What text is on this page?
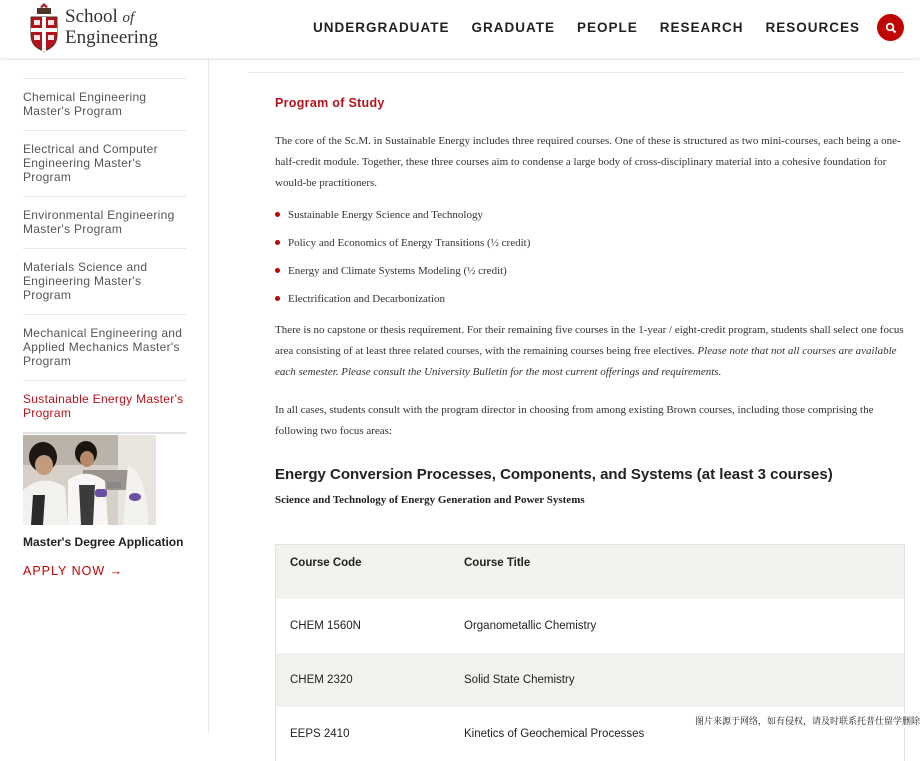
School of
Engineering	UNDERGRADUATE GRADUATE PEOPLE RESEARCH RESOURCES
Chemical Engineering Master's Program
Electrical and Computer Engineering Master's Program
Environmental Engineering Master's Program
Materials Science and Engineering Master's Program
Mechanical Engineering and Applied Mechanics Master's Program
Sustainable Energy Master's Program
Master's Degree Application
APPLY NOW →
Program of Study

The core of the Sc.M. in Sustainable Energy includes three required courses. One of these is structured as two mini-courses, each being a one-half-credit module. Together, these three courses aim to condense a large body of cross-disciplinary material into a cohesive foundation for would-be practitioners.

Sustainable Energy Science and Technology
Policy and Economics of Energy Transitions (½ credit)
Energy and Climate Systems Modeling (½ credit)
Electrification and Decarbonization

There is no capstone or thesis requirement. For their remaining five courses in the 1-year / eight-credit program, students shall select one focus area consisting of at least three related courses, with the remaining courses being free electives. Please note that not all courses are available each semester. Please consult the University Bulletin for the most current offerings and requirements.

In all cases, students consult with the program director in choosing from among existing Brown courses, including those comprising the following two focus areas:

Energy Conversion Processes, Components, and Systems (at least 3 courses)
Science and Technology of Energy Generation and Power Systems
Course Code	Course Title
CHEM 1560N	Organometallic Chemistry
CHEM 2320	Solid State Chemistry
EEPS 2410	Kinetics of Geochemical Processes
图片来源于网络，如有侵权，请及时联系托普仕留学删除
